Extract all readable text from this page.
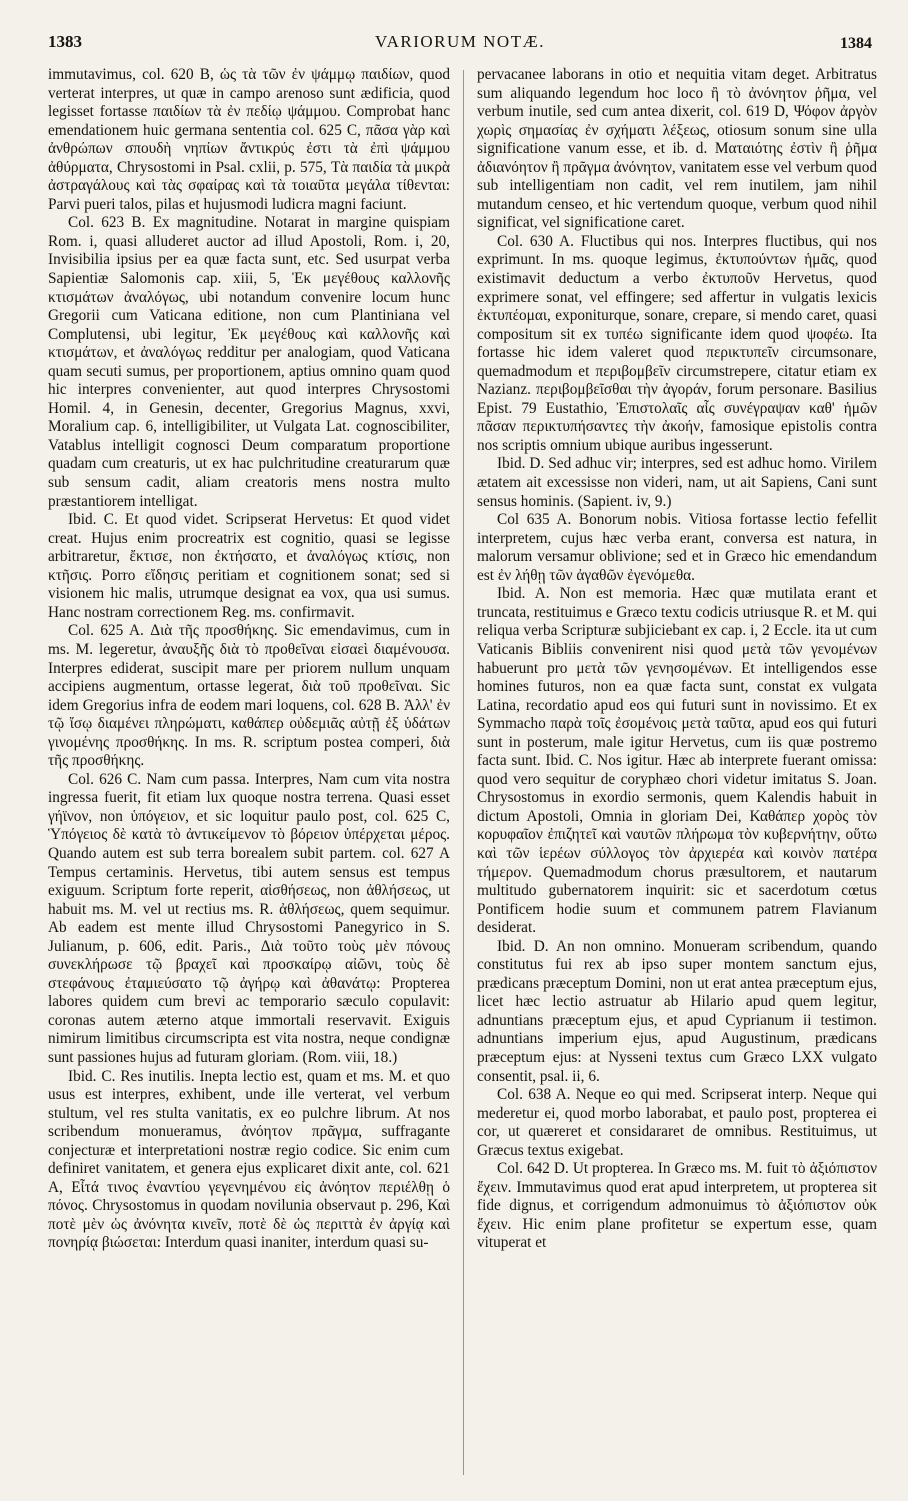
1383	VARIORUM NOTÆ.	1384

immutavimus, col. 620 B, ὡς τὰ τῶν ἐν ψάμμῳ παιδίων, quod verterat interpres, ut quæ in campo arenoso sunt ædificia, quod legisset fortasse παιδίων τὰ ἐν πεδίῳ ψάμμου. Comprobat hanc emendationem huic germana sententia col. 625 C, πᾶσα γὰρ καὶ ἀνθρώπων σπουδὴ νηπίων ἄντικρύς ἐστι τὰ ἐπὶ ψάμμου ἀθύρματα, Chrysostomi in Psal. cxlii, p. 575, Τὰ παιδία τὰ μικρὰ ἀστραγάλους καὶ τὰς σφαίρας καὶ τὰ τοιαῦτα μεγάλα τίθενται: Parvi pueri talos, pilas et hujusmodi ludicra magni faciunt.

Col. 623 B. Ex magnitudine. Notarat in margine quispiam Rom. i, quasi alluderet auctor ad illud Apostoli, Rom. i, 20, Invisibilia ipsius per ea quæ facta sunt, etc. Sed usurpat verba Sapientiæ Salomonis cap. xiii, 5, Ἐκ μεγέθους καλλονῆς κτισμάτων ἀναλόγως, ubi notandum convenire locum hunc Gregorii cum Vaticana editione, non cum Plantiniana vel Complutensi, ubi legitur, Ἐκ μεγέθους καὶ καλλονῆς καὶ κτισμάτων, et ἀναλόγως redditur per analogiam, quod Vaticana quam secuti sumus, per proportionem, aptius omnino quam quod hic interpres convenienter, aut quod interpres Chrysostomi Homil. 4, in Genesin, decenter, Gregorius Magnus, xxvi, Moralium cap. 6, intelligibiliter, ut Vulgata Lat. cognoscibiliter, Vatablus intelligit cognosci Deum comparatum proportione quadam cum creaturis, ut ex hac pulchritudine creaturarum quæ sub sensum cadit, aliam creatoris mens nostra multo præstantiorem intelligat.

Ibid. C. Et quod videt. Scripserat Hervetus: Et quod videt creat. Hujus enim procreatrix est cognitio, quasi se legisse arbitraretur, ἔκτισε, non ἐκτήσατο, et ἀναλόγως κτίσις, non κτῆσις. Porro εἴδησις peritiam et cognitionem sonat; sed si visionem hic malis, utrumque designat ea vox, qua usi sumus. Hanc nostram correctionem Reg. ms. confirmavit.

Col. 625 A. Διὰ τῆς προσθήκης. Sic emendavimus, cum in ms. M. legeretur, ἀναυξῆς διὰ τὸ προθεῖναι εἰσαεὶ διαμένουσα. Interpres ediderat, suscipit mare per priorem nullum unquam accipiens augmentum, ortasse legerat, διὰ τοῦ προθεῖναι. Sic idem Gregorius infra de eodem mari loquens, col. 628 B. Ἀλλ' ἐν τῷ ἴσῳ διαμένει πληρώματι, καθάπερ οὐδεμιᾶς αὐτῇ ἐξ ὑδάτων γινομένης προσθήκης. In ms. R. scriptum postea comperi, διὰ τῆς προσθήκης.

Col. 626 C. Nam cum passa. Interpres, Nam cum vita nostra ingressa fuerit, fit etiam lux quoque nostra terrena. Quasi esset γήϊνον, non ὑπόγειον, et sic loquitur paulo post, col. 625 C, Ὑπόγειος δὲ κατὰ τὸ ἀντικείμενον τὸ βόρειον ὑπέρχεται μέρος. Quando autem est sub terra borealem subit partem. col. 627 A Tempus certaminis. Hervetus, tibi autem sensus est tempus exiguum. Scriptum forte reperit, αἰσθήσεως, non ἀθλήσεως, ut habuit ms. M. vel ut rectius ms. R. ἀθλήσεως, quem sequimur. Ab eadem est mente illud Chrysostomi Panegyrico in S. Julianum, p. 606, edit. Paris., Διὰ τοῦτο τοὺς μὲν πόνους συνεκλήρωσε τῷ βραχεῖ καὶ προσκαίρῳ αἰῶνι, τοὺς δὲ στεφάνους ἐταμιεύσατο τῷ ἀγήρῳ καὶ ἀθανάτῳ: Propterea labores quidem cum brevi ac temporario sæculo copulavit: coronas autem æterno atque immortali reservavit. Exiguis nimirum limitibus circumscripta est vita nostra, neque condignæ sunt passiones hujus ad futuram gloriam. (Rom. viii, 18.)

Ibid. C. Res inutilis. Inepta lectio est, quam et ms. M. et quo usus est interpres, exhibent, unde ille verterat, vel verbum stultum, vel res stulta vanitatis, ex eo pulchre librum. At nos scribendum monueramus, ἀνόητον πρᾶγμα, suffragante conjecturæ et interpretationi nostræ regio codice. Sic enim cum definiret vanitatem, et genera ejus explicaret dixit ante, col. 621 A, Εἶτά τινος ἐναντίου γεγενημένου εἰς ἀνόητον περιέλθῃ ὁ πόνος. Chrysostomus in quodam novilunia observaut p. 296, Καὶ ποτὲ μὲν ὡς ἀνόνητα κινεῖν, ποτὲ δὲ ὡς περιττὰ ἐν ἀργίᾳ καὶ πονηρίᾳ βιώσεται: Interdum quasi inaniter, interdum quasi su-

pervacanee laborans in otio et nequitia vitam deget. Arbitratus sum aliquando legendum hoc loco ἢ τὸ ἀνόνητον ῥῆμα, vel verbum inutile, sed cum antea dixerit, col. 619 D, Ψόφον ἀργὸν χωρὶς σημασίας ἐν σχήματι λέξεως, otiosum sonum sine ulla significatione vanum esse, et ib. d. Ματαιότης ἐστὶν ἢ ῥῆμα ἀδιανόητον ἢ πρᾶγμα ἀνόνητον, vanitatem esse vel verbum quod sub intelligentiam non cadit, vel rem inutilem, jam nihil mutandum censeo, et hic vertendum quoque, verbum quod nihil significat, vel significatione caret.

Col. 630 A. Fluctibus qui nos. Interpres fluctibus, qui nos exprimunt. In ms. quoque legimus, ἐκτυπούντων ἡμᾶς, quod existimavit deductum a verbo ἐκτυποῦν Hervetus, quod exprimere sonat, vel effingere; sed affertur in vulgatis lexicis ἐκτυπέομαι, exponiturque, sonare, crepare, si mendo caret, quasi compositum sit ex τυπέω significante idem quod ψοφέω. Ita fortasse hic idem valeret quod περικτυπεῖν circumsonare, quemadmodum et περιβομβεῖν circumstrepere, citatur etiam ex Nazianz. περιβομβεῖσθαι τὴν ἀγοράν, forum personare. Basilius Epist. 79 Eustathio, Ἐπιστολαῖς αἷς συνέγραψαν καθ' ἡμῶν πᾶσαν περικτυπήσαντες τὴν ἀκοήν, famosique epistolis contra nos scriptis omnium ubique auribus ingesserunt.

Ibid. D. Sed adhuc vir; interpres, sed est adhuc homo. Virilem ætatem ait excessisse non videri, nam, ut ait Sapiens, Cani sunt sensus hominis. (Sapient. iv, 9.)

Col 635 A. Bonorum nobis. Vitiosa fortasse lectio fefellit interpretem, cujus hæc verba erant, conversa est natura, in malorum versamur oblivione; sed et in Græco hic emendandum est ἐν λήθῃ τῶν ἀγαθῶν ἐγενόμεθα.

Ibid. A. Non est memoria. Hæc quæ mutilata erant et truncata, restituimus e Græco textu codicis utriusque R. et M. qui reliqua verba Scripturæ subjiciebant ex cap. i, 2 Eccle. ita ut cum Vaticanis Bibliis convenirent nisi quod μετὰ τῶν γενομένων habuerunt pro μετὰ τῶν γενησομένων. Et intelligendos esse homines futuros, non ea quæ facta sunt, constat ex vulgata Latina, recordatio apud eos qui futuri sunt in novissimo. Et ex Symmacho παρὰ τοῖς ἐσομένοις μετὰ ταῦτα, apud eos qui futuri sunt in posterum, male igitur Hervetus, cum iis quæ postremo facta sunt. Ibid. C. Nos igitur. Hæc ab interprete fuerant omissa: quod vero sequitur de coryphæo chori videtur imitatus S. Joan. Chrysostomus in exordio sermonis, quem Kalendis habuit in dictum Apostoli, Omnia in gloriam Dei, Καθάπερ χορὸς τὸν κορυφαῖον ἐπιζητεῖ καὶ ναυτῶν πλήρωμα τὸν κυβερνήτην, οὕτω καὶ τῶν ἱερέων σύλλογος τὸν ἀρχιερέα καὶ κοινὸν πατέρα τήμερον. Quemadmodum chorus præsultorem, et nautarum multitudo gubernatorem inquirit: sic et sacerdotum cœtus Pontificem hodie suum et communem patrem Flavianum desiderat.

Ibid. D. An non omnino. Monueram scribendum, quando constitutus fui rex ab ipso super montem sanctum ejus, prædicans præceptum Domini, non ut erat antea præceptum ejus, licet hæc lectio astruatur ab Hilario apud quem legitur, adnuntians præceptum ejus, et apud Cyprianum ii testimon. adnuntians imperium ejus, apud Augustinum, prædicans præceptum ejus: at Nysseni textus cum Græco LXX vulgato consentit, psal. ii, 6.

Col. 638 A. Neque eo qui med. Scripserat interp. Neque qui mederetur ei, quod morbo laborabat, et paulo post, propterea ei cor, ut quæreret et considararet de omnibus. Restituimus, ut Græcus textus exigebat.

Col. 642 D. Ut propterea. In Græco ms. M. fuit τὸ ἀξιόπιστον ἔχειν. Immutavimus quod erat apud interpretem, ut propterea sit fide dignus, et corrigendum admonuimus τὸ ἀξιόπιστον οὐκ ἔχειν. Hic enim plane profitetur se expertum esse, quam vituperat et
